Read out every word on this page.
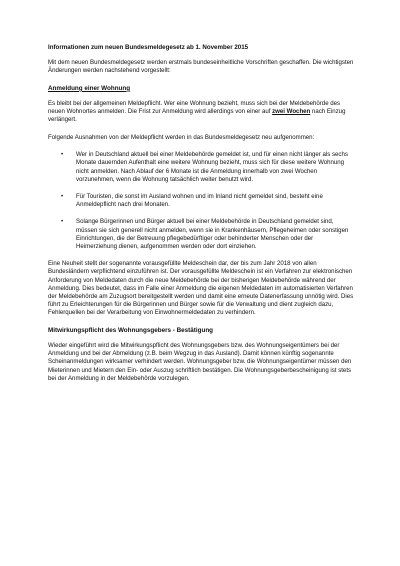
Informationen zum neuen Bundesmeldegesetz ab 1. November 2015

Mit dem neuen Bundesmeldegesetz werden erstmals bundeseinheitliche Vorschriften geschaffen. Die wichtigsten Änderungen werden nachstehend vorgestellt:

Anmeldung einer Wohnung

Es bleibt bei der allgemeinen Meldepflicht. Wer eine Wohnung bezieht, muss sich bei der Meldebehörde des neuen Wohnortes anmelden. Die Frist zur Anmeldung wird allerdings von einer auf zwei Wochen nach Einzug verlängert.

Folgende Ausnahmen von der Meldepflicht werden in das Bundesmeldegesetz neu aufgenommen:

• Wer in Deutschland aktuell bei einer Meldebehörde gemeldet ist, und für einen nicht länger als sechs Monate dauernden Aufenthalt eine weitere Wohnung bezieht, muss sich für diese weitere Wohnung nicht anmelden. Nach Ablauf der 6 Monate ist die Anmeldung innerhalb von zwei Wochen vorzunehmen, wenn die Wohnung tatsächlich weiter benutzt wird.
• Für Touristen, die sonst im Ausland wohnen und im Inland nicht gemeldet sind, besteht eine Anmeldepflicht nach drei Monaten.
• Solange Bürgerinnen und Bürger aktuell bei einer Meldebehörde in Deutschland gemeldet sind, müssen sie sich generell nicht anmelden, wenn sie in Krankenhäusern, Pflegeheimen oder sonstigen Einrichtungen, die der Betreuung pflegebedürftiger oder behinderter Menschen oder der Heimerziehung dienen, aufgenommen werden oder dort einziehen.

Eine Neuheit stellt der sogenannte vorausgefüllte Meldeschein dar, der bis zum Jahr 2018 von allen Bundesländern verpflichtend einzuführen ist. Der vorausgefüllte Meldeschein ist ein Verfahren zur elektronischen Anforderung von Meldedaten durch die neue Meldebehörde bei der bisherigen Meldebehörde während der Anmeldung. Dies bedeutet, dass im Falle einer Anmeldung die eigenen Meldedaten im automatisierten Verfahren der Meldebehörde am Zuzugsort bereitgestellt werden und damit eine erneute Datenerfassung unnötig wird. Dies führt zu Erleichterungen für die Bürgerinnen und Bürger sowie für die Verwaltung und dient zugleich dazu, Fehlerquellen bei der Verarbeitung von Einwohnermeldedaten zu verhindern.

Mitwirkungspflicht des Wohnungsgebers - Bestätigung

Wieder eingeführt wird die Mitwirkungspflicht des Wohnungsgebers bzw. des Wohnungseigentümers bei der Anmeldung und bei der Abmeldung (z.B. beim Wegzug in das Ausland). Damit können künftig sogenannte Scheinanmeldungen wirksamer verhindert werden. Wohnungsgeber bzw. die Wohnungseigentümer müssen den Mieterinnen und Mietern den Ein- oder Auszug schriftlich bestätigen. Die Wohnungsgeberbescheinigung ist stets bei der Anmeldung in der Meldebehörde vorzulegen.
